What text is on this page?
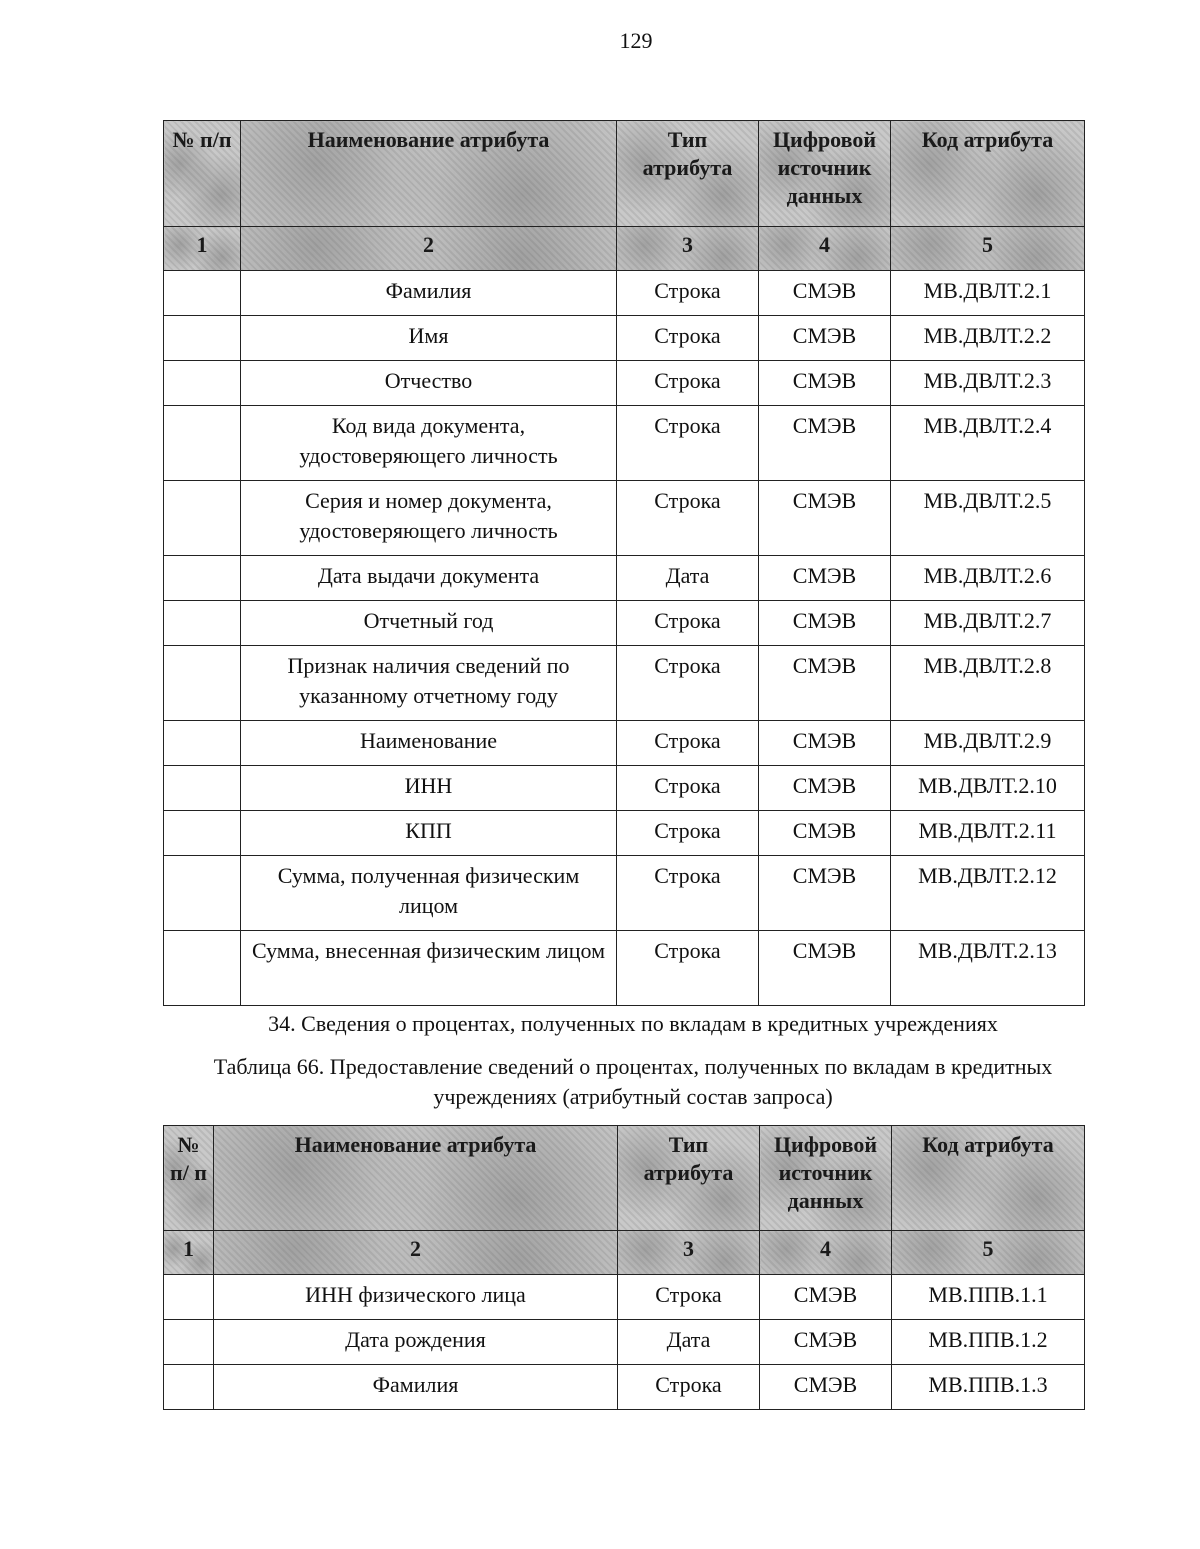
129
№ п/п	Наименование атрибута	Тип атрибута	Цифровой источник данных	Код атрибута
1	2	3	4	5
	Фамилия	Строка	СМЭВ	МВ.ДВЛТ.2.1
	Имя	Строка	СМЭВ	МВ.ДВЛТ.2.2
	Отчество	Строка	СМЭВ	МВ.ДВЛТ.2.3
	Код вида документа, удостоверяющего личность	Строка	СМЭВ	МВ.ДВЛТ.2.4
	Серия и номер документа, удостоверяющего личность	Строка	СМЭВ	МВ.ДВЛТ.2.5
	Дата выдачи документа	Дата	СМЭВ	МВ.ДВЛТ.2.6
	Отчетный год	Строка	СМЭВ	МВ.ДВЛТ.2.7
	Признак наличия сведений по указанному отчетному году	Строка	СМЭВ	МВ.ДВЛТ.2.8
	Наименование	Строка	СМЭВ	МВ.ДВЛТ.2.9
	ИНН	Строка	СМЭВ	МВ.ДВЛТ.2.10
	КПП	Строка	СМЭВ	МВ.ДВЛТ.2.11
	Сумма, полученная физическим лицом	Строка	СМЭВ	МВ.ДВЛТ.2.12
	Сумма, внесенная физическим лицом	Строка	СМЭВ	МВ.ДВЛТ.2.13
34. Сведения о процентах, полученных по вкладам в кредитных учреждениях
Таблица 66. Предоставление сведений о процентах, полученных по вкладам в кредитных учреждениях (атрибутный состав запроса)
№ п/ п	Наименование атрибута	Тип атрибута	Цифровой источник данных	Код атрибута
1	2	3	4	5
	ИНН физического лица	Строка	СМЭВ	МВ.ППВ.1.1
	Дата рождения	Дата	СМЭВ	МВ.ППВ.1.2
	Фамилия	Строка	СМЭВ	МВ.ППВ.1.3
